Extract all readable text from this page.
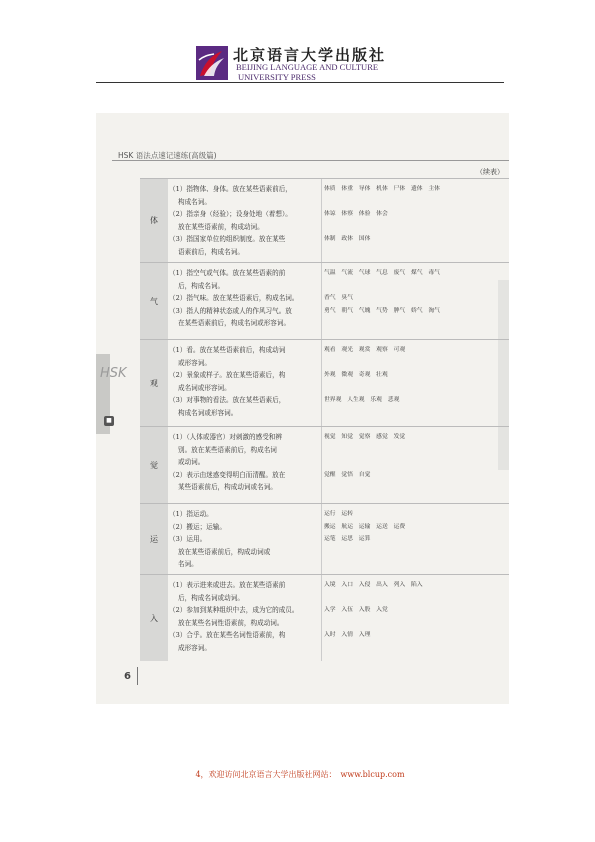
北京语言大学出版社
BEIJING LANGUAGE AND CULTURE
UNIVERSITY PRESS
HSK 语法点速记速练(高级篇)
（续表）
HSK
■
体
（1）指物体、身体。放在某些语素前后，
构成名词。
（2）指亲身（经验）；设身处地（着想）。
放在某些语素前，构成动词。
（3）指国家单位的组织制度。放在某些
语素前后，构成名词。
体质　体重　导体　机体　尸体　遗体　主体

体谅　体察　体验　体会

体制　政体　国体
气
（1）指空气或气体。放在某些语素的前
后，构成名词。
（2）指气味。放在某些语素后，构成名词。
（3）指人的精神状态或人的作风习气。放
在某些语素前后，构成名词或形容词。
气温　气流　气球　气息　废气　煤气　毒气

香气　臭气
勇气　朝气　气魄　气势　脾气　娇气　淘气
观
（1）看。放在某些语素前后，构成动词
或形容词。
（2）景象或样子。放在某些语素后，构
成名词或形容词。
（3）对事物的看法。放在某些语素后，
构成名词或形容词。
观看　观光　观赏　观察　可观

外观　微观　奇观　壮观

世界观　人生观　乐观　悲观
觉
（1）（人体或器官）对刺激的感受和辨
别。放在某些语素前后，构成名词
或动词。
（2）表示由迷惑变得明白而清醒。放在
某些语素前后，构成动词或名词。
视觉　知觉　觉察　感觉　发觉

觉醒　觉悟　自觉
运
（1）指运动。
（2）搬运；运输。
（3）运用。
放在某些语素前后，构成动词或
名词。
运行　运转
搬运　航运　运输　运送　运费
运笔　运思　运算
入
（1）表示进来或进去。放在某些语素前
后，构成名词或动词。
（2）参加到某种组织中去，成为它的成员。
放在某些名词性语素前，构成动词。
（3）合乎。放在某些名词性语素前，构
成形容词。
入境　入口　入侵　出入　列入　陷入

入学　入伍　入股　入党

入时　入情　入理
6
4，欢迎访问北京语言大学出版社网站：　www.blcup.com
